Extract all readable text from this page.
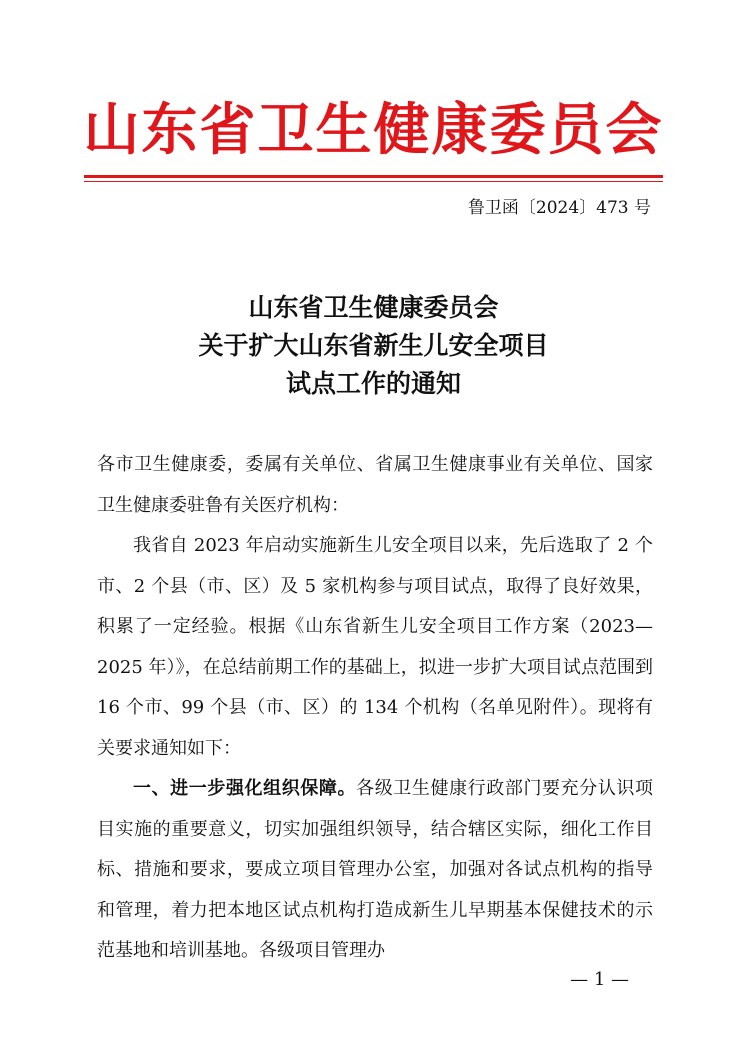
山东省卫生健康委员会
鲁卫函〔2024〕473 号
山东省卫生健康委员会
关于扩大山东省新生儿安全项目
试点工作的通知

各市卫生健康委，委属有关单位、省属卫生健康事业有关单位、国家卫生健康委驻鲁有关医疗机构：

我省自 2023 年启动实施新生儿安全项目以来，先后选取了 2 个市、2 个县（市、区）及 5 家机构参与项目试点，取得了良好效果，积累了一定经验。根据《山东省新生儿安全项目工作方案（2023—2025 年）》，在总结前期工作的基础上，拟进一步扩大项目试点范围到 16 个市、99 个县（市、区）的 134 个机构（名单见附件）。现将有关要求通知如下：

一、进一步强化组织保障。各级卫生健康行政部门要充分认识项目实施的重要意义，切实加强组织领导，结合辖区实际，细化工作目标、措施和要求，要成立项目管理办公室，加强对各试点机构的指导和管理，着力把本地区试点机构打造成新生儿早期基本保健技术的示范基地和培训基地。各级项目管理办

— 1 —
